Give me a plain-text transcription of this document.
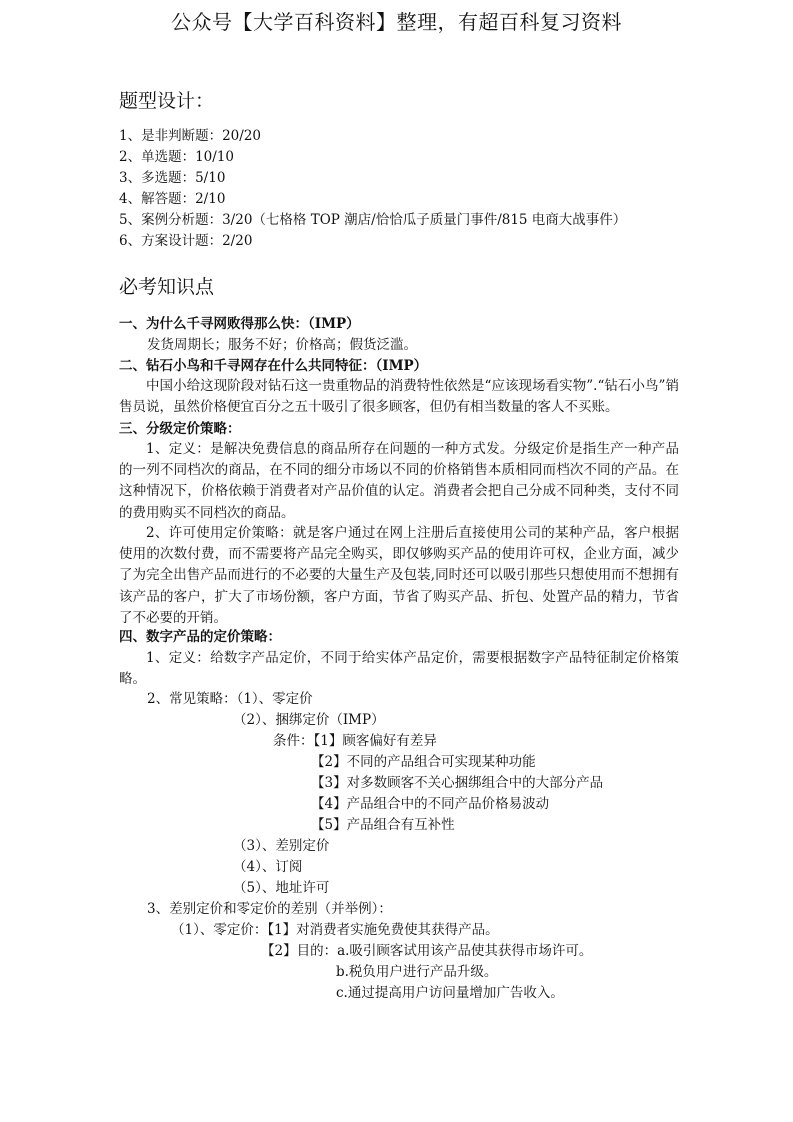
公众号【大学百科资料】整理，有超百科复习资料
题型设计：
1、是非判断题：20/20
2、单选题：10/10
3、多选题：5/10
4、解答题：2/10
5、案例分析题：3/20（七格格 TOP 潮店/恰恰瓜子质量门事件/815 电商大战事件）
6、方案设计题：2/20
必考知识点
一、为什么千寻网败得那么快：（IMP）
发货周期长；服务不好；价格高；假货泛滥。
二、钻石小鸟和千寻网存在什么共同特征：（IMP）
中国小给这现阶段对钻石这一贵重物品的消费特性依然是“应该现场看实物”.“钻石小鸟”销售员说，虽然价格便宜百分之五十吸引了很多顾客，但仍有相当数量的客人不买账。
三、分级定价策略：
1、定义：是解决免费信息的商品所存在问题的一种方式发。分级定价是指生产一种产品的一列不同档次的商品，在不同的细分市场以不同的价格销售本质相同而档次不同的产品。在这种情况下，价格依赖于消费者对产品价值的认定。消费者会把自己分成不同种类，支付不同的费用购买不同档次的商品。
2、许可使用定价策略：就是客户通过在网上注册后直接使用公司的某种产品，客户根据使用的次数付费，而不需要将产品完全购买，即仅够购买产品的使用许可权，企业方面，减少了为完全出售产品而进行的不必要的大量生产及包装,同时还可以吸引那些只想使用而不想拥有该产品的客户，扩大了市场份额，客户方面，节省了购买产品、折包、处置产品的精力，节省了不必要的开销。
四、数字产品的定价策略：
1、定义：给数字产品定价，不同于给实体产品定价，需要根据数字产品特征制定价格策略。
2、常见策略：（1）、零定价
（2）、捆绑定价（IMP）
条件：【1】顾客偏好有差异
【2】不同的产品组合可实现某种功能
【3】对多数顾客不关心捆绑组合中的大部分产品
【4】产品组合中的不同产品价格易波动
【5】产品组合有互补性
（3）、差别定价
（4）、订阅
（5）、地址许可
3、差别定价和零定价的差别（并举例）：
（1）、零定价：【1】对消费者实施免费使其获得产品。
【2】目的：a.吸引顾客试用该产品使其获得市场许可。
b.税负用户进行产品升级。
c.通过提高用户访问量增加广告收入。
